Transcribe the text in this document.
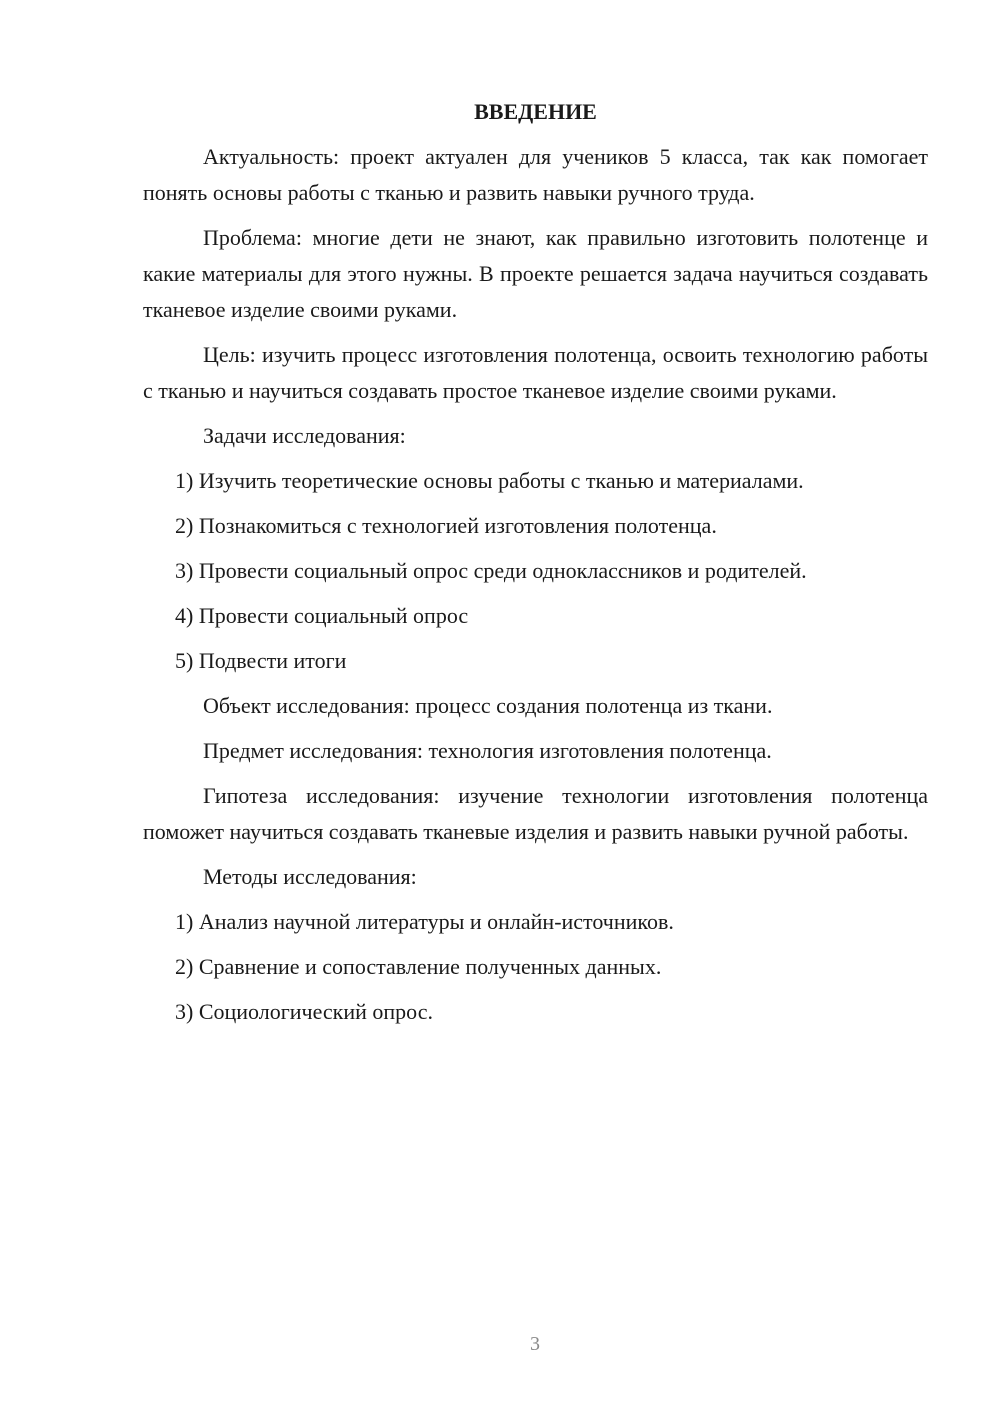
ВВЕДЕНИЕ

Актуальность: проект актуален для учеников 5 класса, так как помогает понять основы работы с тканью и развить навыки ручного труда.

Проблема: многие дети не знают, как правильно изготовить полотенце и какие материалы для этого нужны. В проекте решается задача научиться создавать тканевое изделие своими руками.

Цель: изучить процесс изготовления полотенца, освоить технологию работы с тканью и научиться создавать простое тканевое изделие своими руками.

Задачи исследования:

1) Изучить теоретические основы работы с тканью и материалами.

2) Познакомиться с технологией изготовления полотенца.

3) Провести социальный опрос среди одноклассников и родителей.

4) Провести социальный опрос

5) Подвести итоги

Объект исследования: процесс создания полотенца из ткани.

Предмет исследования: технология изготовления полотенца.

Гипотеза исследования: изучение технологии изготовления полотенца поможет научиться создавать тканевые изделия и развить навыки ручной работы.

Методы исследования:

1) Анализ научной литературы и онлайн-источников.

2) Сравнение и сопоставление полученных данных.

3) Социологический опрос.

3
